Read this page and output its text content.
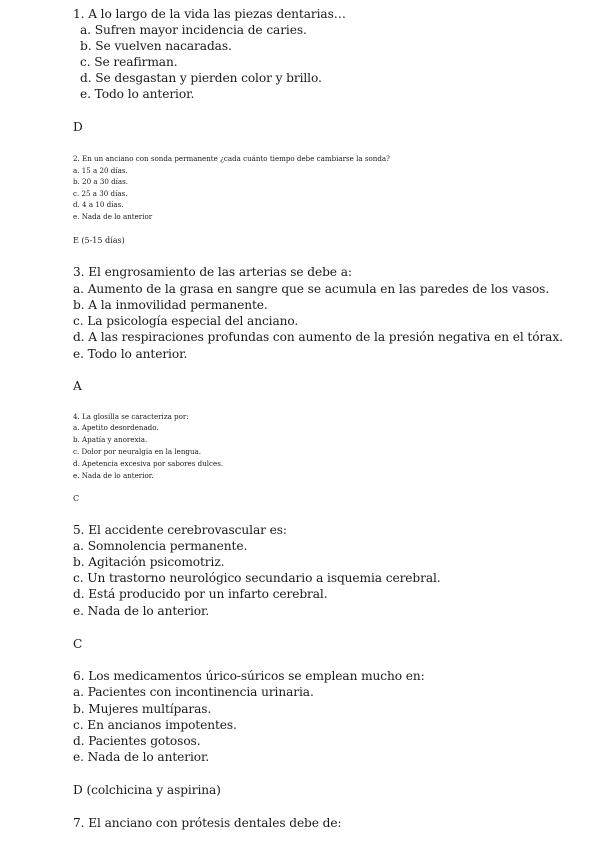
1. A lo largo de la vida las piezas dentarias…
a. Sufren mayor incidencia de caries.
b. Se vuelven nacaradas.
c. Se reafirman.
d. Se desgastan y pierden color y brillo.
e. Todo lo anterior.
D
2. En un anciano con sonda permanente ¿cada cuánto tiempo debe cambiarse la sonda?
a. 15 a 20 días.
b. 20 a 30 días.
c. 25 a 30 días.
d. 4 a 10 días.
e. Nada de lo anterior
E (5-15 días)
3. El engrosamiento de las arterias se debe a:
a. Aumento de la grasa en sangre que se acumula en las paredes de los vasos.
b. A la inmovilidad permanente.
c. La psicología especial del anciano.
d. A las respiraciones profundas con aumento de la presión negativa en el tórax.
e. Todo lo anterior.
A
4. La glosilla se caracteriza por:
a. Apetito desordenado.
b. Apatía y anorexia.
c. Dolor por neuralgia en la lengua.
d. Apetencia excesiva por sabores dulces.
e. Nada de lo anterior.
C
5. El accidente cerebrovascular es:
a. Somnolencia permanente.
b. Agitación psicomotriz.
c. Un trastorno neurológico secundario a isquemia cerebral.
d. Está producido por un infarto cerebral.
e. Nada de lo anterior.
C
6. Los medicamentos úrico-súricos se emplean mucho en:
a. Pacientes con incontinencia urinaria.
b. Mujeres multíparas.
c. En ancianos impotentes.
d. Pacientes gotosos.
e. Nada de lo anterior.
D (colchicina y aspirina)
7. El anciano con prótesis dentales debe de:
